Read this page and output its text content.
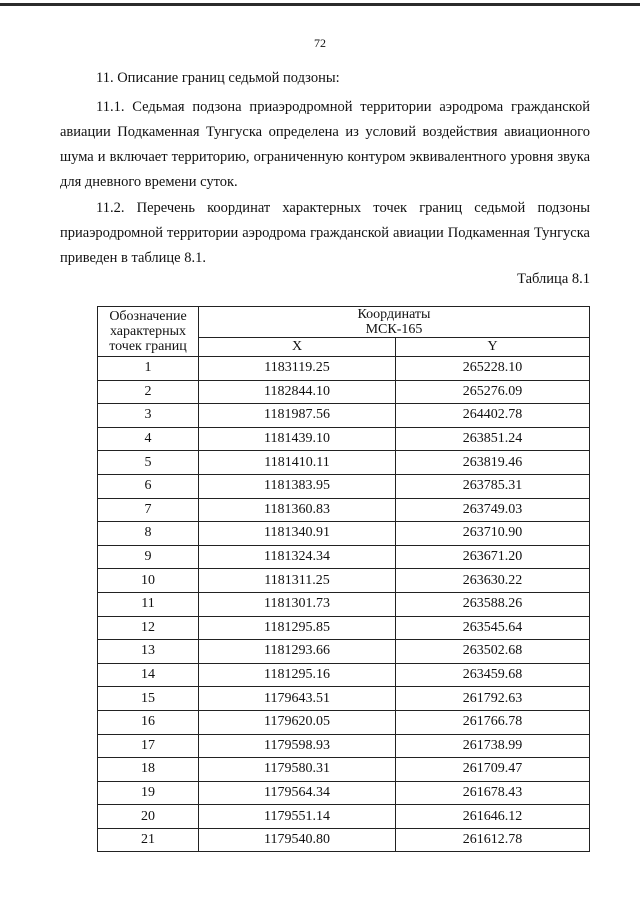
72
11. Описание границ седьмой подзоны:
11.1. Седьмая подзона приаэродромной территории аэродрома гражданской авиации Подкаменная Тунгуска определена из условий воздействия авиационного шума и включает территорию, ограниченную контуром эквивалентного уровня звука для дневного времени суток.
11.2. Перечень координат характерных точек границ седьмой подзоны приаэродромной территории аэродрома гражданской авиации Подкаменная Тунгуска приведен в таблице 8.1.
Таблица 8.1
Обозначение
характерных
точек границ	Координаты
МСК-165	
	X	Y
1	1183119.25	265228.10
2	1182844.10	265276.09
3	1181987.56	264402.78
4	1181439.10	263851.24
5	1181410.11	263819.46
6	1181383.95	263785.31
7	1181360.83	263749.03
8	1181340.91	263710.90
9	1181324.34	263671.20
10	1181311.25	263630.22
11	1181301.73	263588.26
12	1181295.85	263545.64
13	1181293.66	263502.68
14	1181295.16	263459.68
15	1179643.51	261792.63
16	1179620.05	261766.78
17	1179598.93	261738.99
18	1179580.31	261709.47
19	1179564.34	261678.43
20	1179551.14	261646.12
21	1179540.80	261612.78
